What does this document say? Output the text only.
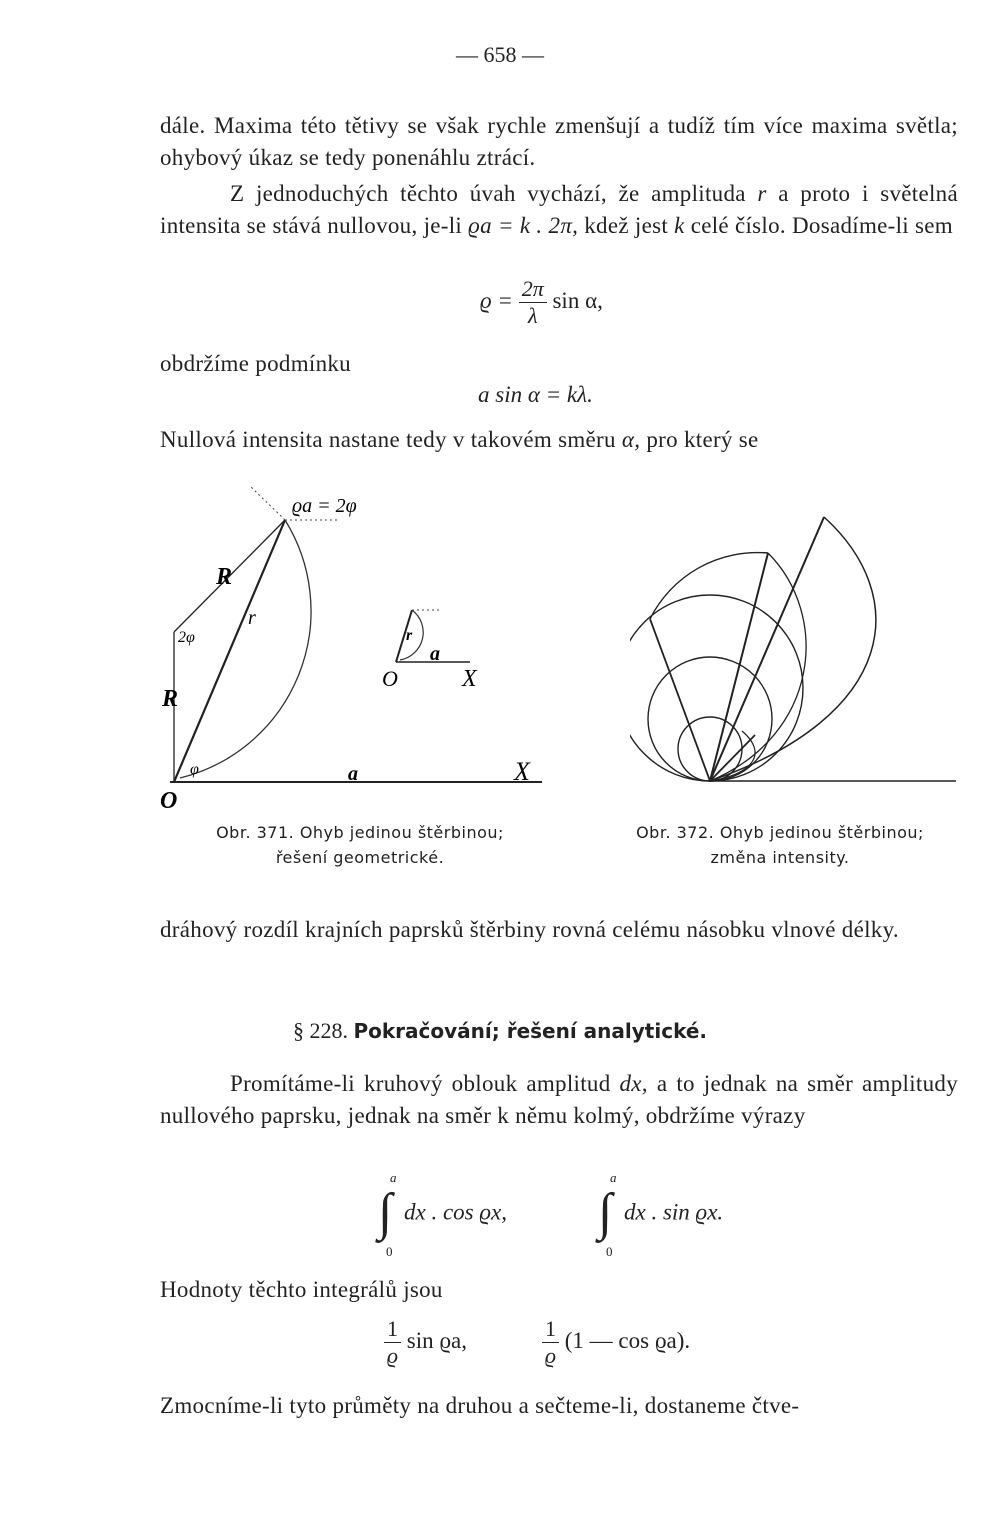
— 658 —

dále. Maxima této tětivy se však rychle zmenšují a tudíž tím více maxima světla; ohybový úkaz se tedy ponenáhlu ztrácí.

Z jednoduchých těchto úvah vychází, že amplituda r a proto i světelná intensita se stává nullovou, je-li ϱa = k . 2π, kdež jest k celé číslo. Dosadíme-li sem

$ϱ = \frac{2\pi}{\lambda}$ sin α,

obdržíme podmínku

a sin α = kλ.

Nullová intensita nastane tedy v takovém směru α, pro který se

ϱa = 2φ
R
r
2φ
R
φ
O
a	X
r
a
O	X
Obr. 371. Ohyb jedinou štěrbinou;
řešení geometrické.
Obr. 372. Ohyb jedinou štěrbinou;
změna intensity.

dráhový rozdíl krajních paprsků štěrbiny rovná celému násobku vlnové délky.

§ 228. Pokračování; řešení analytické.

Promítáme-li kruhový oblouk amplitud dx, a to jednak na směr amplitudy nullového paprsku, jednak na směr k němu kolmý, obdržíme výrazy

∫
a
0
dx . cos ϱx, ∫
a
0
dx . sin ϱx.

Hodnoty těchto integrálů jsou

$\frac{1}{ϱ}$ sin ϱa,	$\frac{1}{ϱ} (1$ — cos ϱa).

Zmocníme-li tyto průměty na druhou a sečteme-li, dostaneme čtve-
